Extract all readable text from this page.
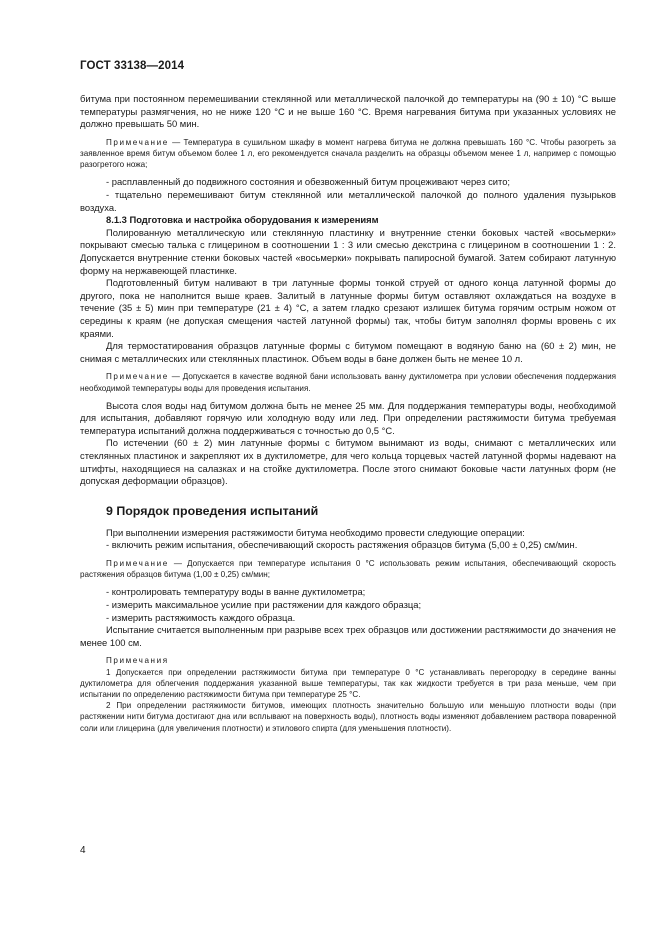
ГОСТ 33138—2014

битума при постоянном перемешивании стеклянной или металлической палочкой до температуры на (90 ± 10) °С выше температуры размягчения, но не ниже 120 °С и не выше 160 °С. Время нагревания битума при указанных условиях не должно превышать 50 мин.

Примечание — Температура в сушильном шкафу в момент нагрева битума не должна превышать 160 °С. Чтобы разогреть за заявленное время битум объемом более 1 л, его рекомендуется сначала разделить на образцы объемом менее 1 л, например с помощью разогретого ножа;

- расплавленный до подвижного состояния и обезвоженный битум процеживают через сито;

- тщательно перемешивают битум стеклянной или металлической палочкой до полного удаления пузырьков воздуха.

8.1.3 Подготовка и настройка оборудования к измерениям

Полированную металлическую или стеклянную пластинку и внутренние стенки боковых частей «восьмерки» покрывают смесью талька с глицерином в соотношении 1 : 3 или смесью декстрина с глицерином в соотношении 1 : 2. Допускается внутренние стенки боковых частей «восьмерки» покрывать папиросной бумагой. Затем собирают латунную форму на нержавеющей пластинке.

Подготовленный битум наливают в три латунные формы тонкой струей от одного конца латунной формы до другого, пока не наполнится выше краев. Залитый в латунные формы битум оставляют охлаждаться на воздухе в течение (35 ± 5) мин при температуре (21 ± 4) °С, а затем гладко срезают излишек битума горячим острым ножом от середины к краям (не допуская смещения частей латунной формы) так, чтобы битум заполнял формы вровень с их краями.

Для термостатирования образцов латунные формы с битумом помещают в водяную баню на (60 ± 2) мин, не снимая с металлических или стеклянных пластинок. Объем воды в бане должен быть не менее 10 л.

Примечание — Допускается в качестве водяной бани использовать ванну дуктилометра при условии обеспечения поддержания необходимой температуры воды для проведения испытания.

Высота слоя воды над битумом должна быть не менее 25 мм. Для поддержания температуры воды, необходимой для испытания, добавляют горячую или холодную воду или лед. При определении растяжимости битума требуемая температура испытаний должна поддерживаться с точностью до 0,5 °С.

По истечении (60 ± 2) мин латунные формы с битумом вынимают из воды, снимают с металлических или стеклянных пластинок и закрепляют их в дуктилометре, для чего кольца торцевых частей латунной формы надевают на штифты, находящиеся на салазках и на стойке дуктилометра. После этого снимают боковые части латунных форм (не допуская деформации образцов).

9 Порядок проведения испытаний

При выполнении измерения растяжимости битума необходимо провести следующие операции:

- включить режим испытания, обеспечивающий скорость растяжения образцов битума (5,00 ± 0,25) см/мин.

Примечание — Допускается при температуре испытания 0 °С использовать режим испытания, обеспечивающий скорость растяжения образцов битума (1,00 ± 0,25) см/мин;

- контролировать температуру воды в ванне дуктилометра;

- измерить максимальное усилие при растяжении для каждого образца;

- измерить растяжимость каждого образца.

Испытание считается выполненным при разрыве всех трех образцов или достижении растяжимости до значения не менее 100 см.

Примечания

1 Допускается при определении растяжимости битума при температуре 0 °С устанавливать перегородку в середине ванны дуктилометра для облегчения поддержания указанной выше температуры, так как жидкости требуется в три раза меньше, чем при испытании по определению растяжимости битума при температуре 25 °С.

2 При определении растяжимости битумов, имеющих плотность значительно большую или меньшую плотности воды (при растяжении нити битума достигают дна или всплывают на поверхность воды), плотность воды изменяют добавлением раствора поваренной соли или глицерина (для увеличения плотности) и этилового спирта (для уменьшения плотности).

4
